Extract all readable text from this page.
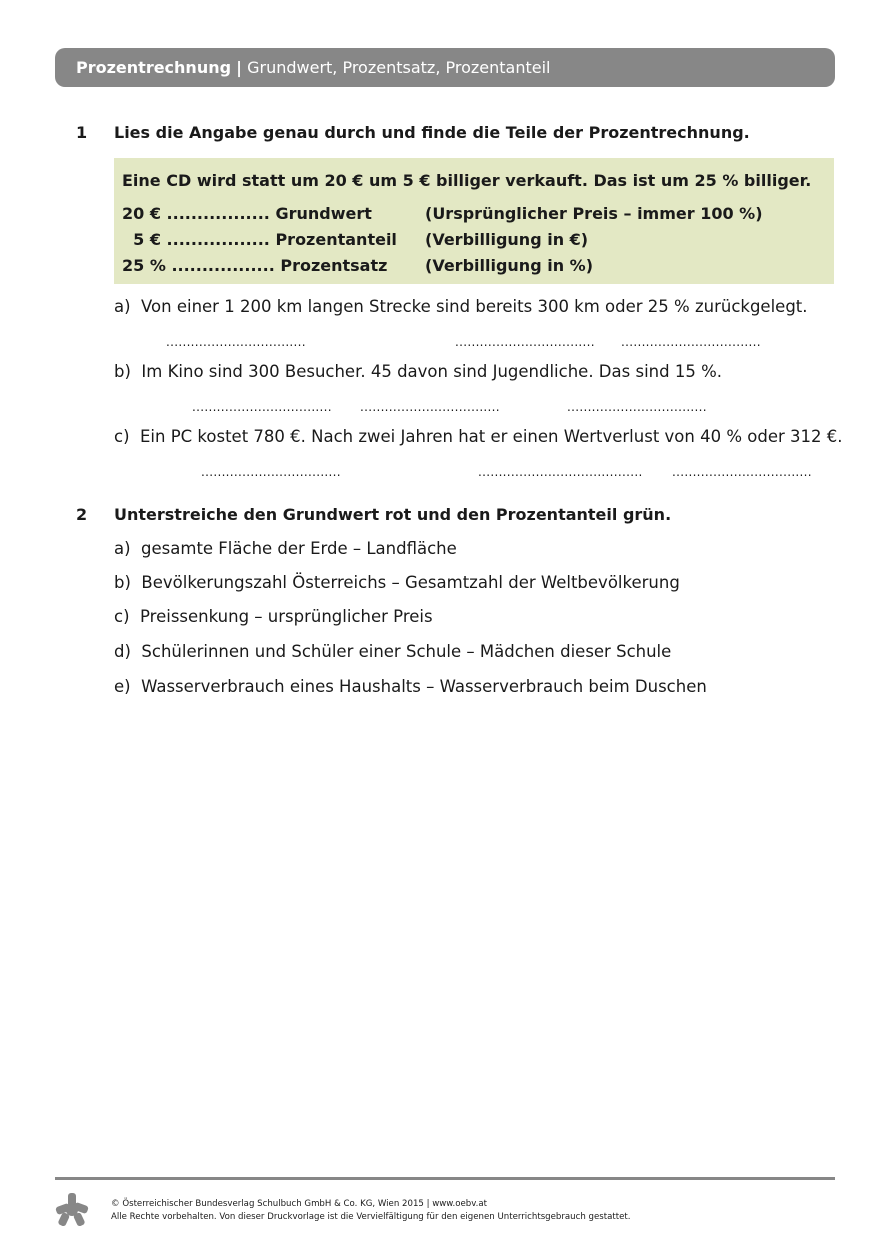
Prozentrechnung | Grundwert, Prozentsatz, Prozentanteil
1 Lies die Angabe genau durch und finde die Teile der Prozentrechnung.
Eine CD wird statt um 20 € um 5 € billiger verkauft. Das ist um 25 % billiger.
20 € ................. Grundwert	(Ursprünglicher Preis – immer 100 %)
5 € ................. Prozentanteil	(Verbilligung in €)
25 % ................. Prozentsatz	(Verbilligung in %)
a)  Von einer 1 200 km langen Strecke sind bereits 300 km oder 25 % zurückgelegt.
..................................	.................................. ..................................
b)  Im Kino sind 300 Besucher. 45 davon sind Jugendliche. Das sind 15 %.
.................................. ..................................	..................................
c)  Ein PC kostet 780 €. Nach zwei Jahren hat er einen Wertverlust von 40 % oder 312 €.
..................................	........................................ ..................................
2 Unterstreiche den Grundwert rot und den Prozentanteil grün.
a)  gesamte Fläche der Erde – Landfläche
b)  Bevölkerungszahl Österreichs – Gesamtzahl der Weltbevölkerung
c)  Preissenkung – ursprünglicher Preis
d)  Schülerinnen und Schüler einer Schule – Mädchen dieser Schule
e)  Wasserverbrauch eines Haushalts – Wasserverbrauch beim Duschen
© Österreichischer Bundesverlag Schulbuch GmbH & Co. KG, Wien 2015 | www.oebv.at
Alle Rechte vorbehalten. Von dieser Druckvorlage ist die Vervielfältigung für den eigenen Unterrichtsgebrauch gestattet.
